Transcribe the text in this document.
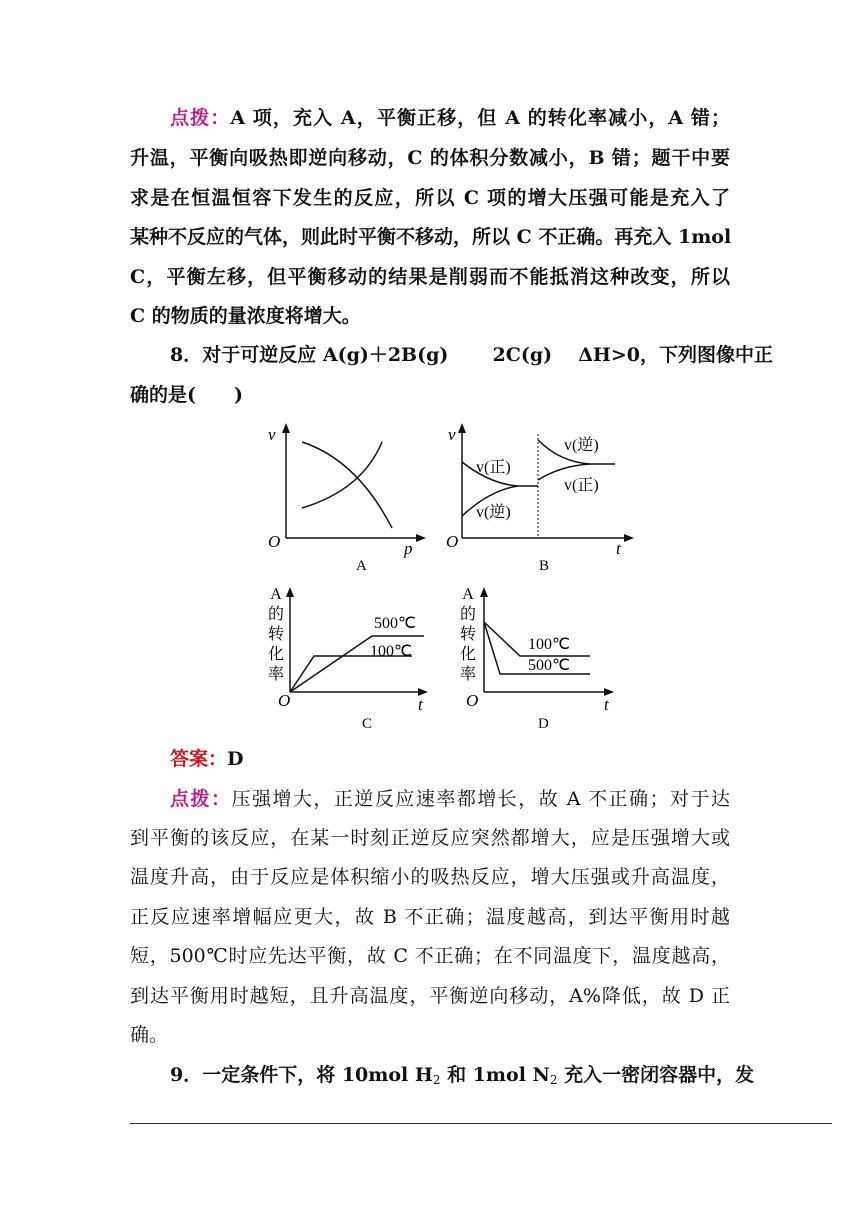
点拨：A 项，充入 A，平衡正移，但 A 的转化率减小，A 错；
升温，平衡向吸热即逆向移动，C 的体积分数减小，B 错；题干中要
求是在恒温恒容下发生的反应，所以 C 项的增大压强可能是充入了
某种不反应的气体，则此时平衡不移动，所以 C 不正确。再充入 1mol
C，平衡左移，但平衡移动的结果是削弱而不能抵消这种改变，所以
C 的物质的量浓度将增大。
8．对于可逆反应 A(g)＋2B(g) 2C(g) ΔH>0，下列图像中正
确的是(　　)
v
O	p
A
v
O	t
v(正)
v(逆)
v(逆)
v(正)
B
A
的
转
化
率
O	t
500℃
100℃
C
A
的
转
化
率
O	t
100℃
500℃
D
答案：D
点拨：压强增大，正逆反应速率都增长，故 A 不正确；对于达
到平衡的该反应，在某一时刻正逆反应突然都增大，应是压强增大或
温度升高，由于反应是体积缩小的吸热反应，增大压强或升高温度，
正反应速率增幅应更大，故 B 不正确；温度越高，到达平衡用时越
短，500℃时应先达平衡，故 C 不正确；在不同温度下，温度越高，
到达平衡用时越短，且升高温度，平衡逆向移动，A%降低，故 D 正
确。
9．一定条件下，将 10mol $H_2$ 和 1mol $N_2$ 充入一密闭容器中，发
